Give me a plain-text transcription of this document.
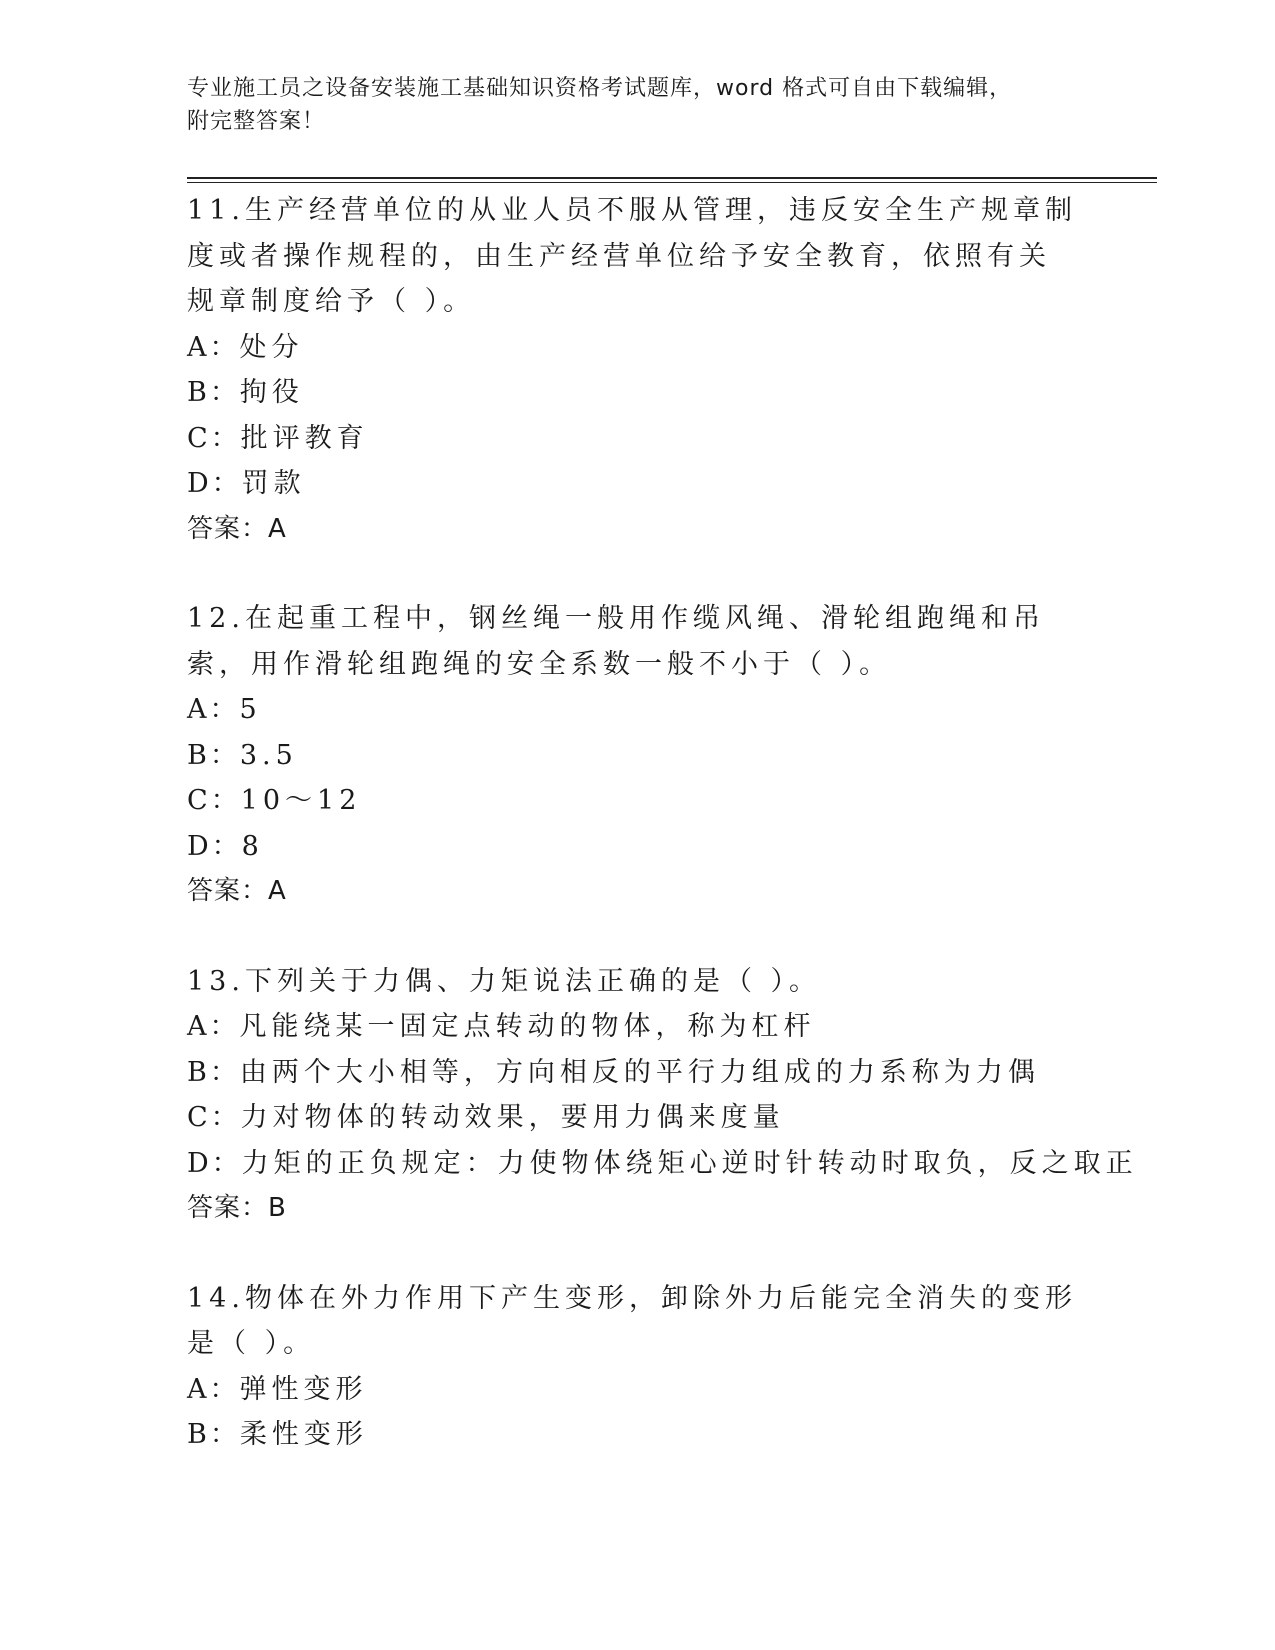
专业施工员之设备安装施工基础知识资格考试题库，word 格式可自由下载编辑，
附完整答案！
11.生产经营单位的从业人员不服从管理，违反安全生产规章制度或者操作规程的，由生产经营单位给予安全教育，依照有关规章制度给予（ ）。
A：处分
B：拘役
C：批评教育
D：罚款
答案：A
12.在起重工程中，钢丝绳一般用作缆风绳、滑轮组跑绳和吊索，用作滑轮组跑绳的安全系数一般不小于（ ）。
A：5
B：3.5
C：10～12
D：8
答案：A
13.下列关于力偶、力矩说法正确的是（ ）。
A：凡能绕某一固定点转动的物体，称为杠杆
B：由两个大小相等，方向相反的平行力组成的力系称为力偶
C：力对物体的转动效果，要用力偶来度量
D：力矩的正负规定：力使物体绕矩心逆时针转动时取负，反之取正
答案：B
14.物体在外力作用下产生变形，卸除外力后能完全消失的变形是（ ）。
A：弹性变形
B：柔性变形
